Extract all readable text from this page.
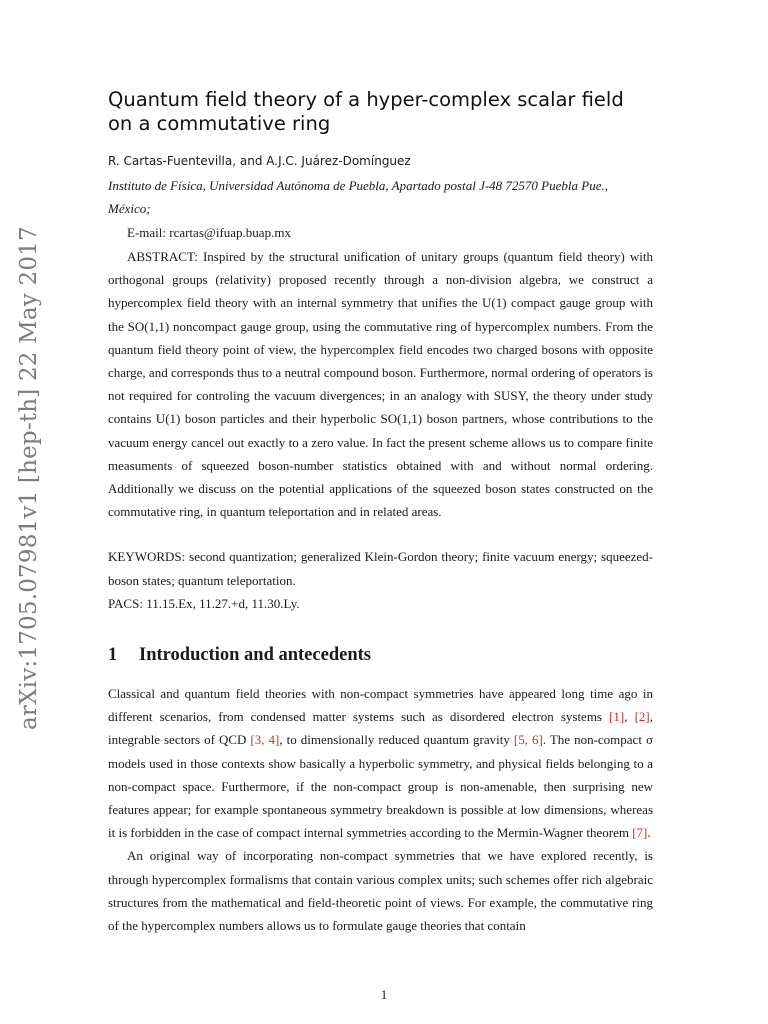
arXiv:1705.07981v1 [hep-th] 22 May 2017
Quantum field theory of a hyper-complex scalar field on a commutative ring
R. Cartas-Fuentevilla, and A.J.C. Juárez-Domínguez
Instituto de Física, Universidad Autónoma de Puebla, Apartado postal J-48 72570 Puebla Pue., México;
E-mail: rcartas@ifuap.buap.mx
ABSTRACT: Inspired by the structural unification of unitary groups (quantum field theory) with orthogonal groups (relativity) proposed recently through a non-division algebra, we construct a hypercomplex field theory with an internal symmetry that unifies the U(1) compact gauge group with the SO(1,1) noncompact gauge group, using the commutative ring of hypercomplex numbers. From the quantum field theory point of view, the hypercomplex field encodes two charged bosons with opposite charge, and corresponds thus to a neutral compound boson. Furthermore, normal ordering of operators is not required for controling the vacuum divergences; in an analogy with SUSY, the theory under study contains U(1) boson particles and their hyperbolic SO(1,1) boson partners, whose contributions to the vacuum energy cancel out exactly to a zero value. In fact the present scheme allows us to compare finite measuments of squeezed boson-number statistics obtained with and without normal ordering. Additionally we discuss on the potential applications of the squeezed boson states constructed on the commutative ring, in quantum teleportation and in related areas.
KEYWORDS: second quantization; generalized Klein-Gordon theory; finite vacuum energy; squeezed-boson states; quantum teleportation.
PACS: 11.15.Ex, 11.27.+d, 11.30.Ly.
1 Introduction and antecedents

Classical and quantum field theories with non-compact symmetries have appeared long time ago in different scenarios, from condensed matter systems such as disordered electron systems [1], [2], integrable sectors of QCD [3, 4], to dimensionally reduced quantum gravity [5, 6]. The non-compact σ models used in those contexts show basically a hyperbolic symmetry, and physical fields belonging to a non-compact space. Furthermore, if the non-compact group is non-amenable, then surprising new features appear; for example spontaneous symmetry breakdown is possible at low dimensions, whereas it is forbidden in the case of compact internal symmetries according to the Mermin-Wagner theorem [7].

An original way of incorporating non-compact symmetries that we have explored recently, is through hypercomplex formalisms that contain various complex units; such schemes offer rich algebraic structures from the mathematical and field-theoretic point of views. For example, the commutative ring of the hypercomplex numbers allows us to formulate gauge theories that contain

1
